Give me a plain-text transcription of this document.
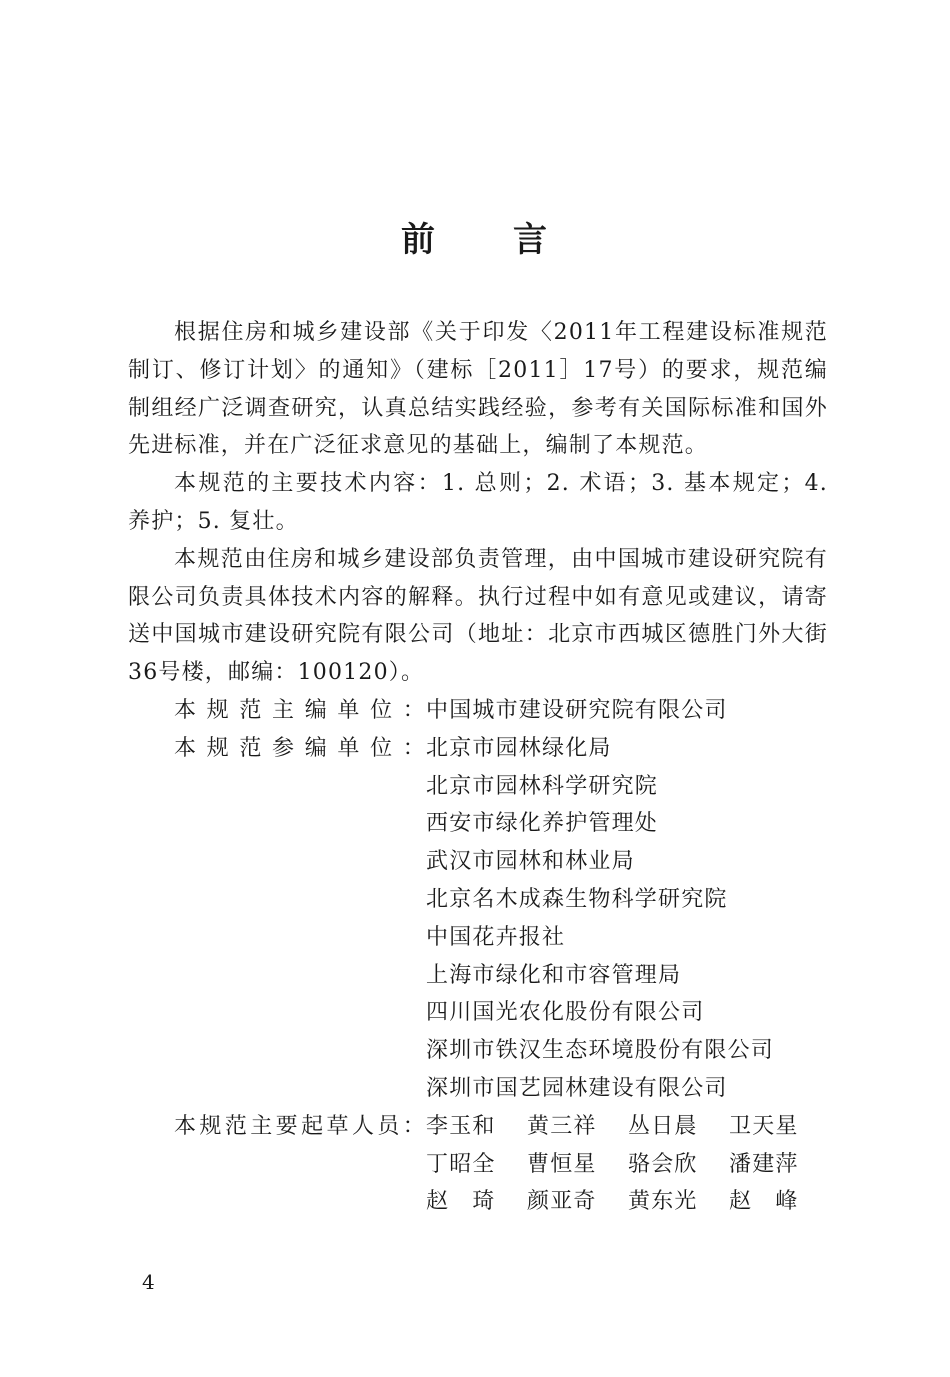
前 言

根据住房和城乡建设部《关于印发〈2011年工程建设标准规范制订、修订计划〉的通知》（建标［2011］17号）的要求，规范编制组经广泛调查研究，认真总结实践经验，参考有关国际标准和国外先进标准，并在广泛征求意见的基础上，编制了本规范。

本规范的主要技术内容：1. 总则；2. 术语；3. 基本规定；4. 养护；5. 复壮。

本规范由住房和城乡建设部负责管理，由中国城市建设研究院有限公司负责具体技术内容的解释。执行过程中如有意见或建议，请寄送中国城市建设研究院有限公司（地址：北京市西城区德胜门外大街36号楼，邮编：100120）。

本规范主编单位： 中国城市建设研究院有限公司
本规范参编单位： 北京市园林绿化局
北京市园林科学研究院
西安市绿化养护管理处
武汉市园林和林业局
北京名木成森生物科学研究院
中国花卉报社
上海市绿化和市容管理局
四川国光农化股份有限公司
深圳市铁汉生态环境股份有限公司
深圳市国艺园林建设有限公司
本规范主要起草人员： 李玉和	黄三祥	丛日晨	卫天星
丁昭全	曹恒星	骆会欣	潘建萍
赵　琦	颜亚奇	黄东光	赵　峰
4
